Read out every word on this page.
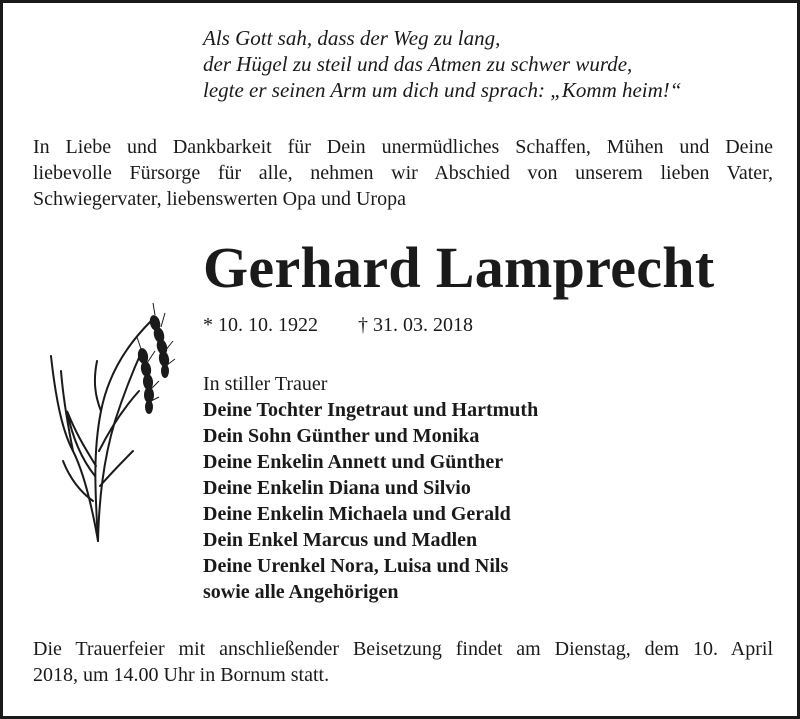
Als Gott sah, dass der Weg zu lang,
der Hügel zu steil und das Atmen zu schwer wurde,
legte er seinen Arm um dich und sprach: „Komm heim!“
In Liebe und Dankbarkeit für Dein unermüdliches Schaffen, Mühen und Deine
liebevolle Fürsorge für alle, nehmen wir Abschied von unserem lieben Vater,
Schwiegervater, liebenswerten Opa und Uropa
Gerhard Lamprecht
* 10. 10. 1922 † 31. 03. 2018
In stiller Trauer
Deine Tochter Ingetraut und Hartmuth
Dein Sohn Günther und Monika
Deine Enkelin Annett und Günther
Deine Enkelin Diana und Silvio
Deine Enkelin Michaela und Gerald
Dein Enkel Marcus und Madlen
Deine Urenkel Nora, Luisa und Nils
sowie alle Angehörigen
Die Trauerfeier mit anschließender Beisetzung findet am Dienstag, dem 10. April
2018, um 14.00 Uhr in Bornum statt.
